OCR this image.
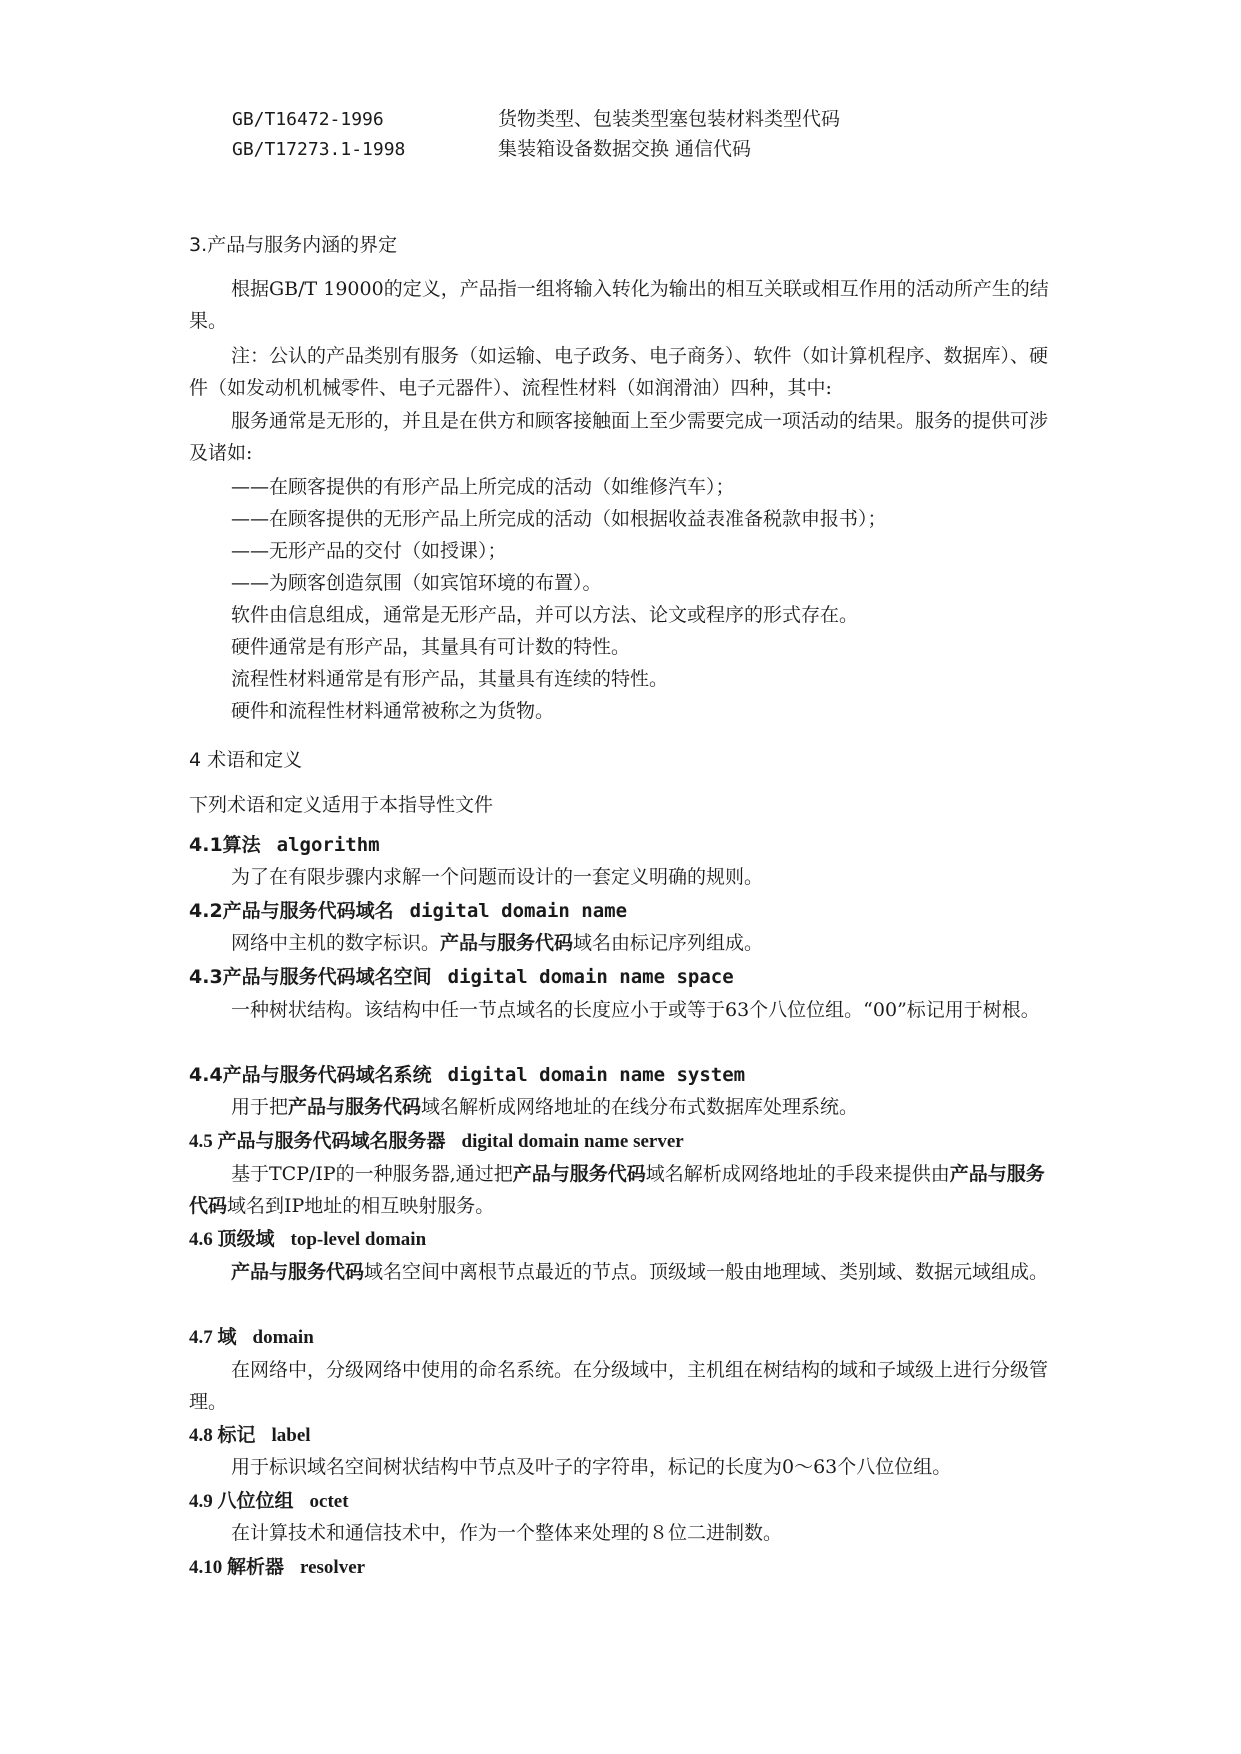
GB/T16472-1996	货物类型、包装类型塞包装材料类型代码
GB/T17273.1-1998	集装箱设备数据交换 通信代码
3.产品与服务内涵的界定

根据GB/T 19000的定义，产品指一组将输入转化为输出的相互关联或相互作用的活动所产生的结果。

注：公认的产品类别有服务（如运输、电子政务、电子商务）、软件（如计算机程序、数据库）、硬件（如发动机机械零件、电子元器件）、流程性材料（如润滑油）四种，其中:

服务通常是无形的，并且是在供方和顾客接触面上至少需要完成一项活动的结果。服务的提供可涉及诸如:

——在顾客提供的有形产品上所完成的活动（如维修汽车）；
——在顾客提供的无形产品上所完成的活动（如根据收益表准备税款申报书）；
——无形产品的交付（如授课）；
——为顾客创造氛围（如宾馆环境的布置）。
软件由信息组成，通常是无形产品，并可以方法、论文或程序的形式存在。
硬件通常是有形产品，其量具有可计数的特性。
流程性材料通常是有形产品，其量具有连续的特性。
硬件和流程性材料通常被称之为货物。
4 术语和定义
下列术语和定义适用于本指导性文件
4.1算法 algorithm
为了在有限步骤内求解一个问题而设计的一套定义明确的规则。
4.2产品与服务代码域名 digital domain name
网络中主机的数字标识。产品与服务代码域名由标记序列组成。
4.3产品与服务代码域名空间 digital domain name space

一种树状结构。该结构中任一节点域名的长度应小于或等于63个八位位组。“00”标记用于树根。

4.4产品与服务代码域名系统 digital domain name system
用于把产品与服务代码域名解析成网络地址的在线分布式数据库处理系统。
4.5 产品与服务代码域名服务器 digital domain name server

基于TCP/IP的一种服务器,通过把产品与服务代码域名解析成网络地址的手段来提供由产品与服务代码域名到IP地址的相互映射服务。

4.6 顶级域 top-level domain

产品与服务代码域名空间中离根节点最近的节点。顶级域一般由地理域、类别域、数据元域组成。

4.7 域 domain

在网络中，分级网络中使用的命名系统。在分级域中，主机组在树结构的域和子域级上进行分级管理。

4.8 标记 label
用于标识域名空间树状结构中节点及叶子的字符串，标记的长度为0～63个八位位组。
4.9 八位位组 octet
在计算技术和通信技术中，作为一个整体来处理的８位二进制数。
4.10 解析器 resolver
